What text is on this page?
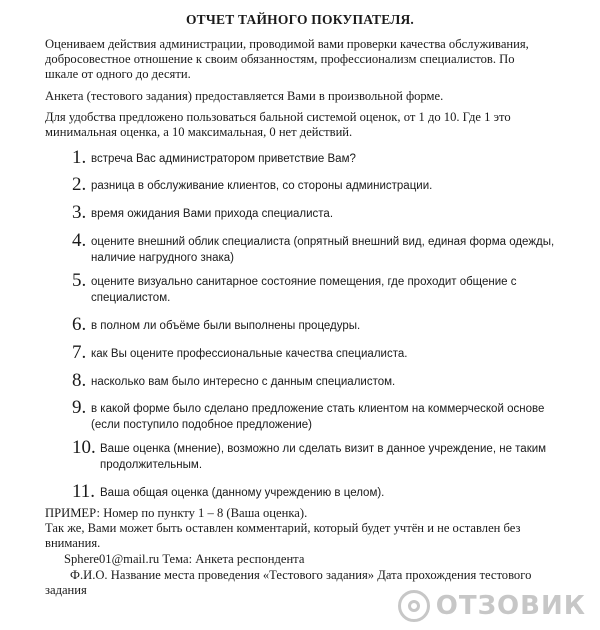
ОТЧЕТ ТАЙНОГО ПОКУПАТЕЛЯ.
Оцениваем действия администрации, проводимой вами проверки качества обслуживания,
добросовестное отношение к своим обязанностям, профессионализм специалистов. По
шкале от одного до десяти.
Анкета (тестового задания) предоставляется Вами в произвольной форме.
Для удобства предложено пользоваться бальной системой оценок, от 1 до 10. Где 1 это
минимальная оценка, а 10 максимальная, 0 нет действий.
1. встреча Вас администратором приветствие Вам?
2. разница в обслуживание клиентов, со стороны администрации.
3. время ожидания Вами прихода специалиста.
4. оцените внешний облик специалиста (опрятный внешний вид, единая форма одежды,
наличие нагрудного знака)
5. оцените визуально санитарное состояние помещения, где проходит общение с
специалистом.
6. в полном ли объёме были выполнены процедуры.
7. как Вы оцените профессиональные качества специалиста.
8. насколько вам было интересно с данным специалистом.
9. в какой форме было сделано предложение стать клиентом на коммерческой основе
(если поступило подобное предложение)
10. Ваше оценка (мнение), возможно ли сделать визит в данное учреждение, не таким
продолжительным.
11. Ваша общая оценка (данному учреждению в целом).
ПРИМЕР: Номер по пункту 1 – 8 (Ваша оценка).
Так же, Вами может быть оставлен комментарий, который будет учтён и не оставлен без
внимания.
Sphere01@mail.ru Тема: Анкета респондента
Ф.И.О. Название места проведения «Тестового задания» Дата прохождения тестового
задания
ОТЗОВИК
